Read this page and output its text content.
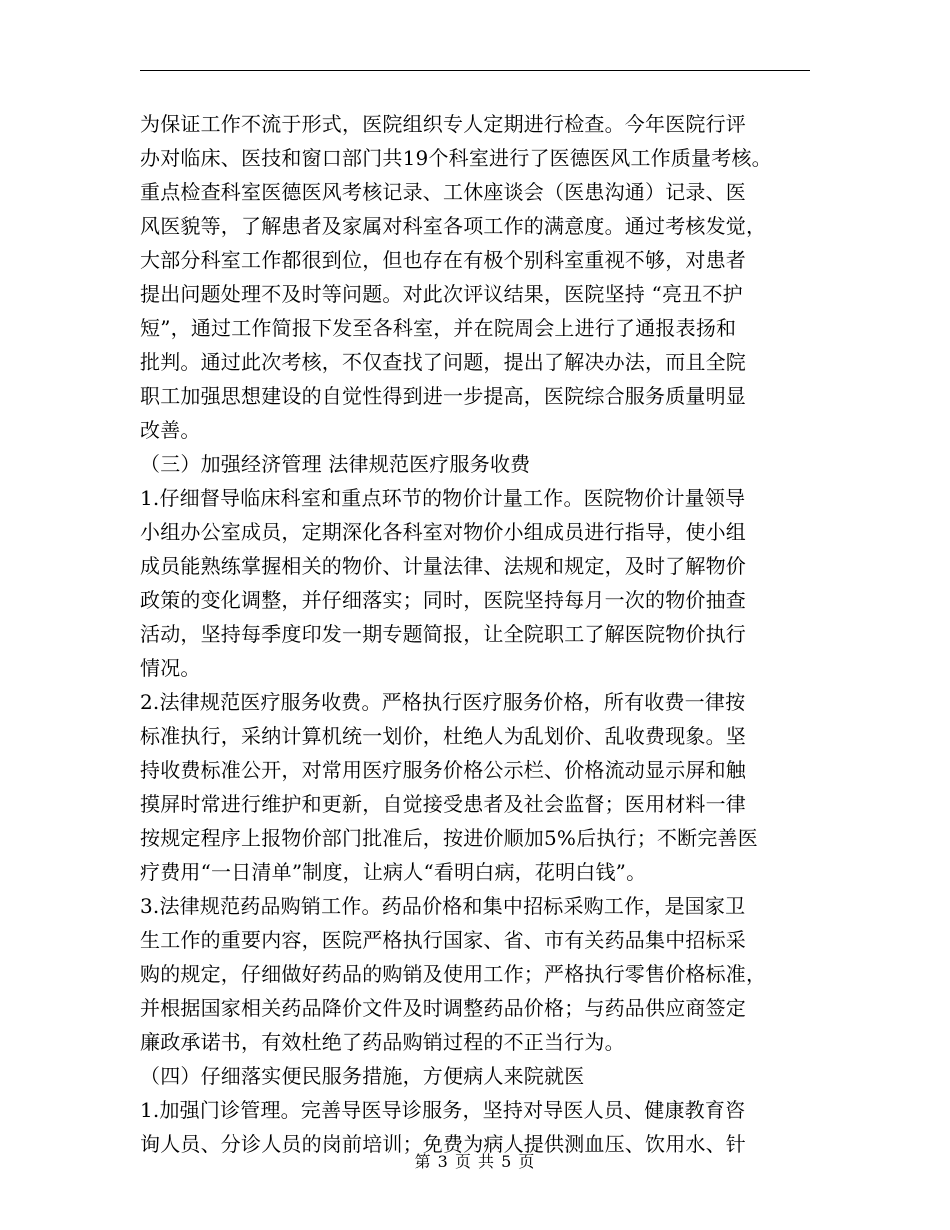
为保证工作不流于形式，医院组织专人定期进行检查。今年医院行评
办对临床、医技和窗口部门共19个科室进行了医德医风工作质量考核。
重点检查科室医德医风考核记录、工休座谈会（医患沟通）记录、医
风医貌等，了解患者及家属对科室各项工作的满意度。通过考核发觉，
大部分科室工作都很到位，但也存在有极个别科室重视不够，对患者
提出问题处理不及时等问题。对此次评议结果，医院坚持 “亮丑不护
短”，通过工作简报下发至各科室，并在院周会上进行了通报表扬和
批判。通过此次考核，不仅查找了问题，提出了解决办法，而且全院
职工加强思想建设的自觉性得到进一步提高，医院综合服务质量明显
改善。
（三）加强经济管理 法律规范医疗服务收费
1.仔细督导临床科室和重点环节的物价计量工作。医院物价计量领导
小组办公室成员，定期深化各科室对物价小组成员进行指导，使小组
成员能熟练掌握相关的物价、计量法律、法规和规定，及时了解物价
政策的变化调整，并仔细落实；同时，医院坚持每月一次的物价抽查
活动，坚持每季度印发一期专题简报，让全院职工了解医院物价执行
情况。
2.法律规范医疗服务收费。严格执行医疗服务价格，所有收费一律按
标准执行，采纳计算机统一划价，杜绝人为乱划价、乱收费现象。坚
持收费标准公开，对常用医疗服务价格公示栏、价格流动显示屏和触
摸屏时常进行维护和更新，自觉接受患者及社会监督；医用材料一律
按规定程序上报物价部门批准后，按进价顺加5%后执行；不断完善医
疗费用“一日清单”制度，让病人“看明白病，花明白钱”。
3.法律规范药品购销工作。药品价格和集中招标采购工作，是国家卫
生工作的重要内容，医院严格执行国家、省、市有关药品集中招标采
购的规定，仔细做好药品的购销及使用工作；严格执行零售价格标准，
并根据国家相关药品降价文件及时调整药品价格；与药品供应商签定
廉政承诺书，有效杜绝了药品购销过程的不正当行为。
（四）仔细落实便民服务措施，方便病人来院就医
1.加强门诊管理。完善导医导诊服务，坚持对导医人员、健康教育咨
询人员、分诊人员的岗前培训；免费为病人提供测血压、饮用水、针
第 3 页 共 5 页
